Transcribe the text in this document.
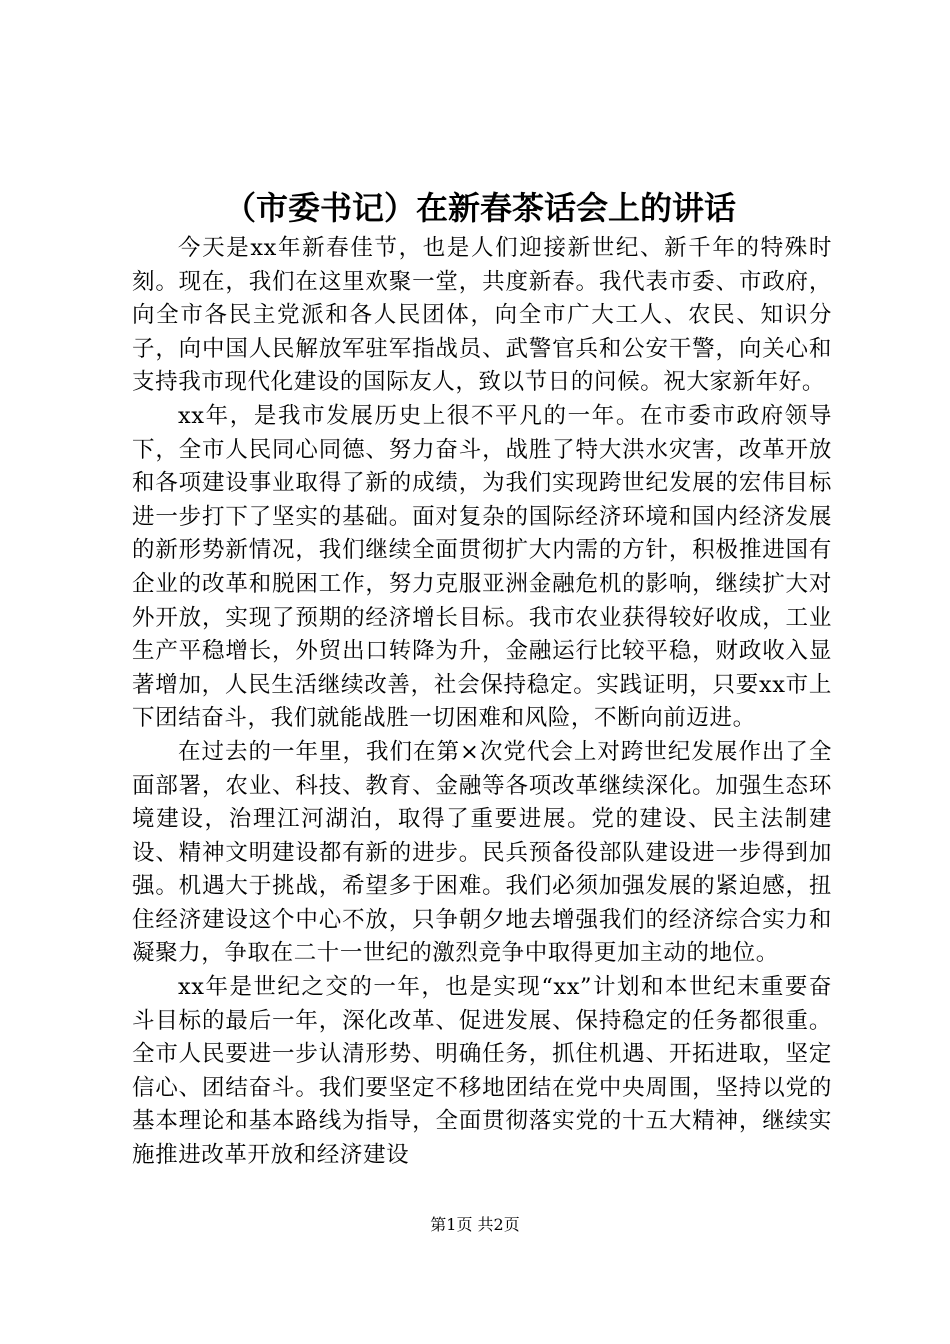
（市委书记）在新春茶话会上的讲话

今天是xx年新春佳节，也是人们迎接新世纪、新千年的特殊时刻。现在，我们在这里欢聚一堂，共度新春。我代表市委、市政府，向全市各民主党派和各人民团体，向全市广大工人、农民、知识分子，向中国人民解放军驻军指战员、武警官兵和公安干警，向关心和支持我市现代化建设的国际友人，致以节日的问候。祝大家新年好。

xx年，是我市发展历史上很不平凡的一年。在市委市政府领导下，全市人民同心同德、努力奋斗，战胜了特大洪水灾害，改革开放和各项建设事业取得了新的成绩，为我们实现跨世纪发展的宏伟目标进一步打下了坚实的基础。面对复杂的国际经济环境和国内经济发展的新形势新情况，我们继续全面贯彻扩大内需的方针，积极推进国有企业的改革和脱困工作，努力克服亚洲金融危机的影响，继续扩大对外开放，实现了预期的经济增长目标。我市农业获得较好收成，工业生产平稳增长，外贸出口转降为升，金融运行比较平稳，财政收入显著增加，人民生活继续改善，社会保持稳定。实践证明，只要xx市上下团结奋斗，我们就能战胜一切困难和风险，不断向前迈进。

在过去的一年里，我们在第×次党代会上对跨世纪发展作出了全面部署，农业、科技、教育、金融等各项改革继续深化。加强生态环境建设，治理江河湖泊，取得了重要进展。党的建设、民主法制建设、精神文明建设都有新的进步。民兵预备役部队建设进一步得到加强。机遇大于挑战，希望多于困难。我们必须加强发展的紧迫感，扭住经济建设这个中心不放，只争朝夕地去增强我们的经济综合实力和凝聚力，争取在二十一世纪的激烈竞争中取得更加主动的地位。

xx年是世纪之交的一年，也是实现“xx”计划和本世纪末重要奋斗目标的最后一年，深化改革、促进发展、保持稳定的任务都很重。全市人民要进一步认清形势、明确任务，抓住机遇、开拓进取，坚定信心、团结奋斗。我们要坚定不移地团结在党中央周围，坚持以党的基本理论和基本路线为指导，全面贯彻落实党的十五大精神，继续实施推进改革开放和经济建设

第1页 共2页
